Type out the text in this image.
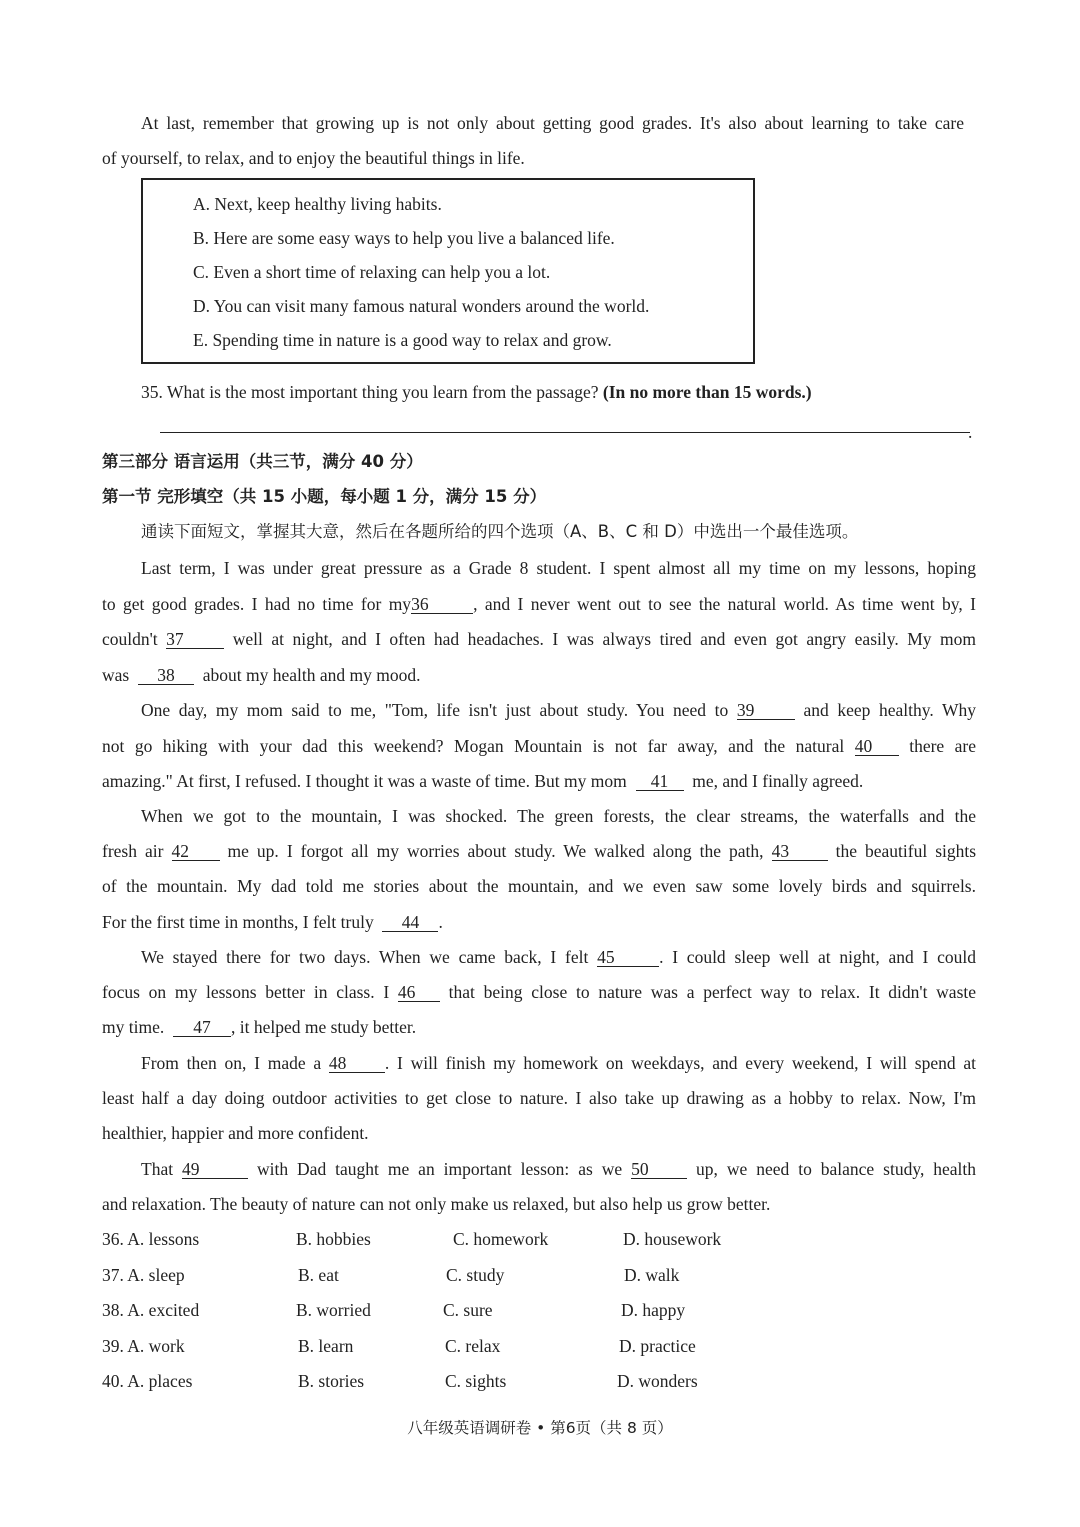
At last, remember that growing up is not only about getting good grades. It's also about learning to take care
of yourself, to relax, and to enjoy the beautiful things in life.
A. Next, keep healthy living habits.
B. Here are some easy ways to help you live a balanced life.
C. Even a short time of relaxing can help you a lot.
D. You can visit many famous natural wonders around the world.
E. Spending time in nature is a good way to relax and grow.
35. What is the most important thing you learn from the passage? (In no more than 15 words.)
.
第三部分 语言运用（共三节，满分 40 分）
第一节 完形填空（共 15 小题，每小题 1 分，满分 15 分）
通读下面短文，掌握其大意，然后在各题所给的四个选项（A、B、C 和 D）中选出一个最佳选项。
Last term, I was under great pressure as a Grade 8 student. I spent almost all my time on my lessons, hoping
to get good grades. I had no time for my36	, and I never went out to see the natural world. As time went by, I
couldn't 37	well at night, and I often had headaches. I was always tired and even got angry easily. My mom
was 38 about my health and my mood.
One day, my mom said to me, "Tom, life isn't just about study. You need to 39	and keep healthy. Why
not go hiking with your dad this weekend? Mogan Mountain is not far away, and the natural 40 there are
amazing." At first, I refused. I thought it was a waste of time. But my mom 41 me, and I finally agreed.
When we got to the mountain, I was shocked. The green forests, the clear streams, the waterfalls and the
fresh air 42 me up. I forgot all my worries about study. We walked along the path, 43	the beautiful sights
of the mountain. My dad told me stories about the mountain, and we even saw some lovely birds and squirrels.
For the first time in months, I felt truly 44 .
We stayed there for two days. When we came back, I felt 45	. I could sleep well at night, and I could
focus on my lessons better in class. I 46 that being close to nature was a perfect way to relax. It didn't waste
my time. 47 , it helped me study better.
From then on, I made a 48 . I will finish my homework on weekdays, and every weekend, I will spend at
least half a day doing outdoor activities to get close to nature. I also take up drawing as a hobby to relax. Now, I'm
healthier, happier and more confident.
That 49	with Dad taught me an important lesson: as we 50	up, we need to balance study, health
and relaxation. The beauty of nature can not only make us relaxed, but also help us grow better.
36. A. lessons	B. hobbies	C. homework	D. housework
37. A. sleep	B. eat	C. study	D. walk
38. A. excited	B. worried	C. sure	D. happy
39. A. work	B. learn	C. relax	D. practice
40. A. places	B. stories	C. sights	D. wonders
八年级英语调研卷 • 第6页（共 8 页）
